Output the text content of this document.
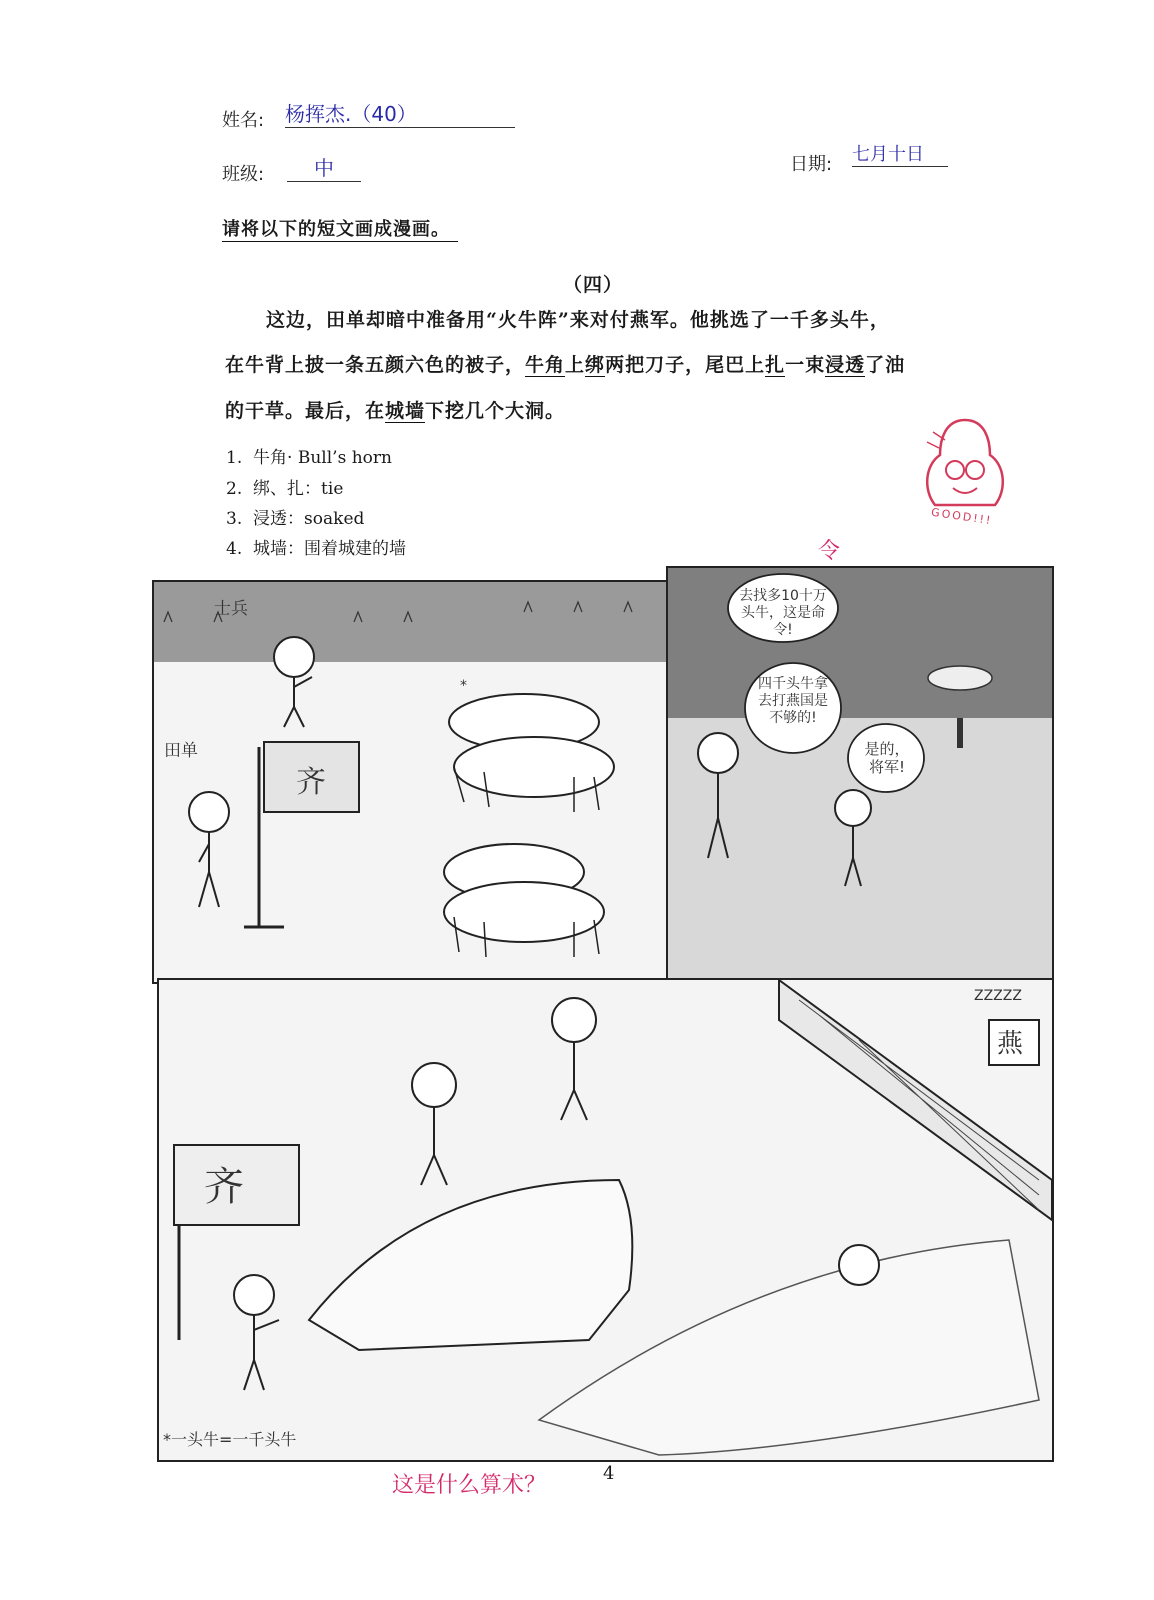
姓名: 杨挥杰.（40）
班级:	中	日期: 七月十日
请将以下的短文画成漫画。
（四）
这边，田单却暗中准备用“火牛阵”来对付燕军。他挑选了一千多头牛，
在牛背上披一条五颜六色的被子，牛角上绑两把刀子，尾巴上扎一束浸透了油
的干草。最后，在城墙下挖几个大洞。
1. 牛角· Bull’s horn
2. 绑、扎：tie
3. 浸透：soaked
4. 城墙：围着城建的墙
GOOD!!!
令
士兵
田单
齐
*
去找多10十万头牛，这是命令!
四千头牛拿去打燕国是不够的!
是的，将军!
齐
燕
ZZZZZ
*一头牛=一千头牛
这是什么算术？	4
